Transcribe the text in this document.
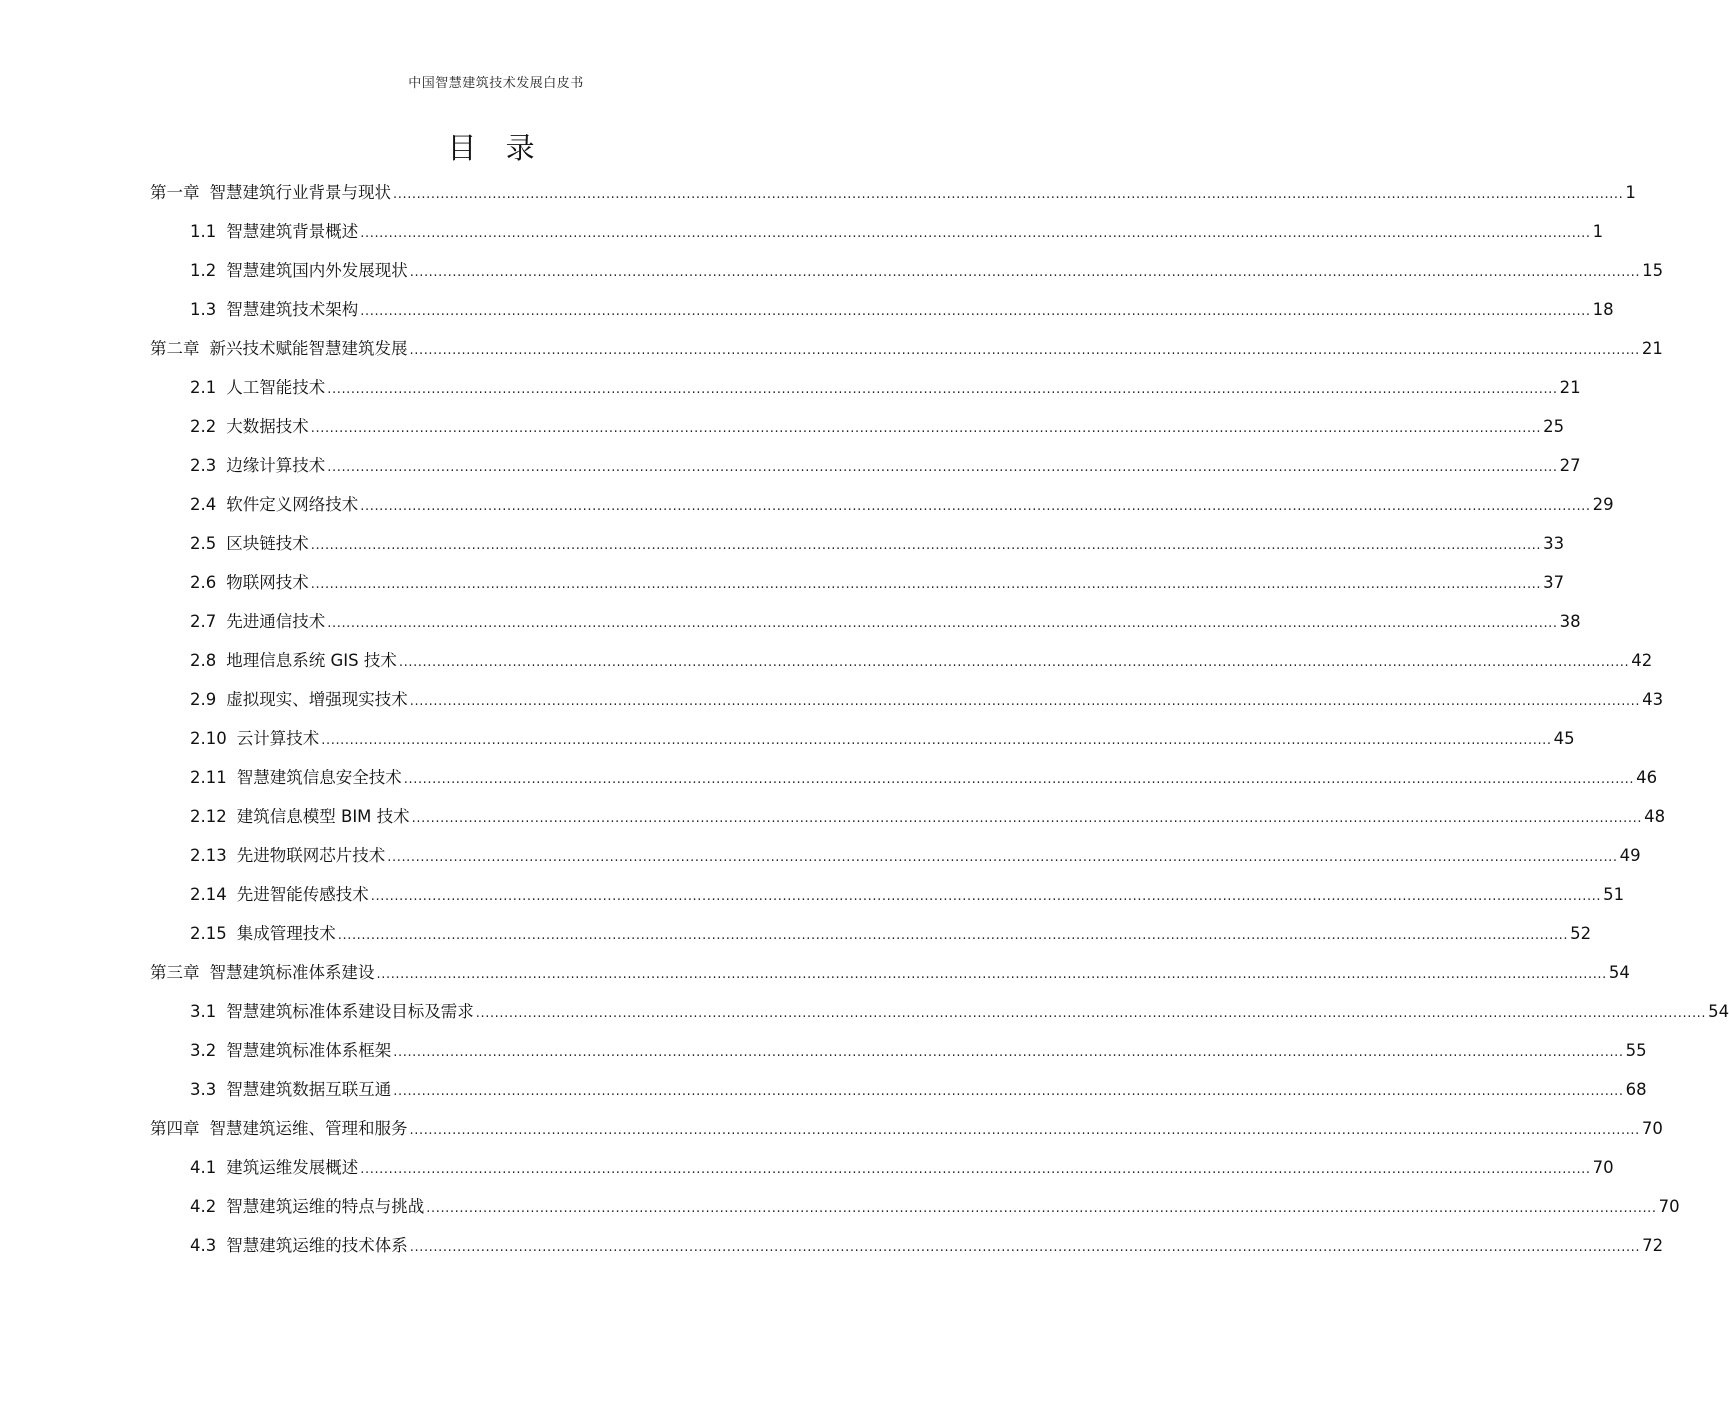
中国智慧建筑技术发展白皮书
目 录
第一章 智慧建筑行业背景与现状 .................................................................................................................................................................................................................................................................... 1
1.1 智慧建筑背景概述 .................................................................................................................................................................................................................................................................... 1
1.2 智慧建筑国内外发展现状 .................................................................................................................................................................................................................................................................... 15
1.3 智慧建筑技术架构 .................................................................................................................................................................................................................................................................... 18
第二章 新兴技术赋能智慧建筑发展 .................................................................................................................................................................................................................................................................... 21
2.1 人工智能技术 .................................................................................................................................................................................................................................................................... 21
2.2 大数据技术 .................................................................................................................................................................................................................................................................... 25
2.3 边缘计算技术 .................................................................................................................................................................................................................................................................... 27
2.4 软件定义网络技术 .................................................................................................................................................................................................................................................................... 29
2.5 区块链技术 .................................................................................................................................................................................................................................................................... 33
2.6 物联网技术 .................................................................................................................................................................................................................................................................... 37
2.7 先进通信技术 .................................................................................................................................................................................................................................................................... 38
2.8 地理信息系统 GIS 技术 .................................................................................................................................................................................................................................................................... 42
2.9 虚拟现实、增强现实技术 .................................................................................................................................................................................................................................................................... 43
2.10 云计算技术 .................................................................................................................................................................................................................................................................... 45
2.11 智慧建筑信息安全技术 .................................................................................................................................................................................................................................................................... 46
2.12 建筑信息模型 BIM 技术 .................................................................................................................................................................................................................................................................... 48
2.13 先进物联网芯片技术 .................................................................................................................................................................................................................................................................... 49
2.14 先进智能传感技术 .................................................................................................................................................................................................................................................................... 51
2.15 集成管理技术 .................................................................................................................................................................................................................................................................... 52
第三章 智慧建筑标准体系建设 .................................................................................................................................................................................................................................................................... 54
3.1 智慧建筑标准体系建设目标及需求 .................................................................................................................................................................................................................................................................... 54
3.2 智慧建筑标准体系框架 .................................................................................................................................................................................................................................................................... 55
3.3 智慧建筑数据互联互通 .................................................................................................................................................................................................................................................................... 68
第四章 智慧建筑运维、管理和服务 .................................................................................................................................................................................................................................................................... 70
4.1 建筑运维发展概述 .................................................................................................................................................................................................................................................................... 70
4.2 智慧建筑运维的特点与挑战 .................................................................................................................................................................................................................................................................... 70
4.3 智慧建筑运维的技术体系 .................................................................................................................................................................................................................................................................... 72
